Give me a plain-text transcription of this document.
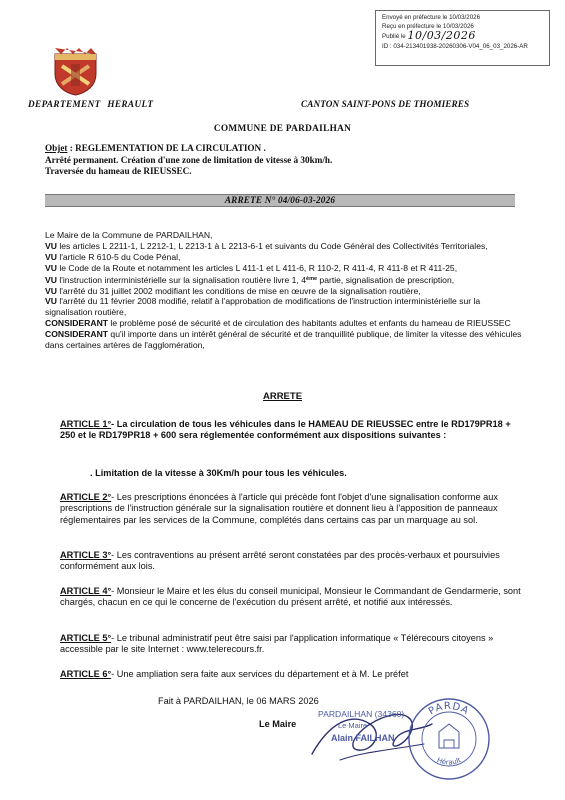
Envoyé en préfecture le 10/03/2026
Reçu en préfecture le 10/03/2026
Publié le 10/03/2026
ID : 034-213401938-20260306-V04_06_03_2026-AR
DEPARTEMENT HERAULT	CANTON SAINT-PONS DE THOMIERES
COMMUNE DE PARDAILHAN
Objet : REGLEMENTATION DE LA CIRCULATION .
Arrêté permanent. Création d'une zone de limitation de vitesse à 30km/h.
Traversée du hameau de RIEUSSEC.
ARRETE N° 04/06-03-2026

Le Maire de la Commune de PARDAILHAN,

VU les articles L 2211-1, L 2212-1, L 2213-1 à L 2213-6-1 et suivants du Code Général des Collectivités Territoriales,

VU l'article R 610-5 du Code Pénal,

VU le Code de la Route et notamment les articles L 411-1 et L 411-6, R 110-2, R 411-4, R 411-8 et R 411-25,

VU l'instruction interministérielle sur la signalisation routière livre 1, 4ème partie, signalisation de prescription,

VU l'arrêté du 31 juillet 2002 modifiant les conditions de mise en œuvre de la signalisation routière,

VU l'arrêté du 11 février 2008 modifié, relatif à l'approbation de modifications de l'instruction interministérielle sur la signalisation routière,

CONSIDERANT le problème posé de sécurité et de circulation des habitants adultes et enfants du hameau de RIEUSSEC

CONSIDERANT qu'il importe dans un intérêt général de sécurité et de tranquillité publique, de limiter la vitesse des véhicules dans certaines artères de l'agglomération,

ARRETE

ARTICLE 1°- La circulation de tous les véhicules dans le HAMEAU DE RIEUSSEC entre le RD179PR18 + 250 et le RD179PR18 + 600 sera réglementée conformément aux dispositions suivantes :

. Limitation de la vitesse à 30Km/h pour tous les véhicules.

ARTICLE 2°- Les prescriptions énoncées à l'article qui précède font l'objet d'une signalisation conforme aux prescriptions de l'instruction générale sur la signalisation routière et donnent lieu à l'apposition de panneaux réglementaires par les services de la Commune, complétés dans certains cas par un marquage au sol.

ARTICLE 3°- Les contraventions au présent arrêté seront constatées par des procès-verbaux et poursuivies conformément aux lois.

ARTICLE 4°- Monsieur le Maire et les élus du conseil municipal, Monsieur le Commandant de Gendarmerie, sont chargés, chacun en ce qui le concerne de l'exécution du présent arrêté, et notifié aux intéressés.

ARTICLE 5°- Le tribunal administratif peut être saisi par l'application informatique « Télérecours citoyens » accessible par le site Internet : www.telerecours.fr.

ARTICLE 6°- Une ampliation sera faite aux services du département et à M. Le préfet

Fait à PARDAILHAN, le 06 MARS 2026
Le Maire
PARDAILHAN (34360)
Le Maire
Alain FAILHAN
PARDA
Hérault
